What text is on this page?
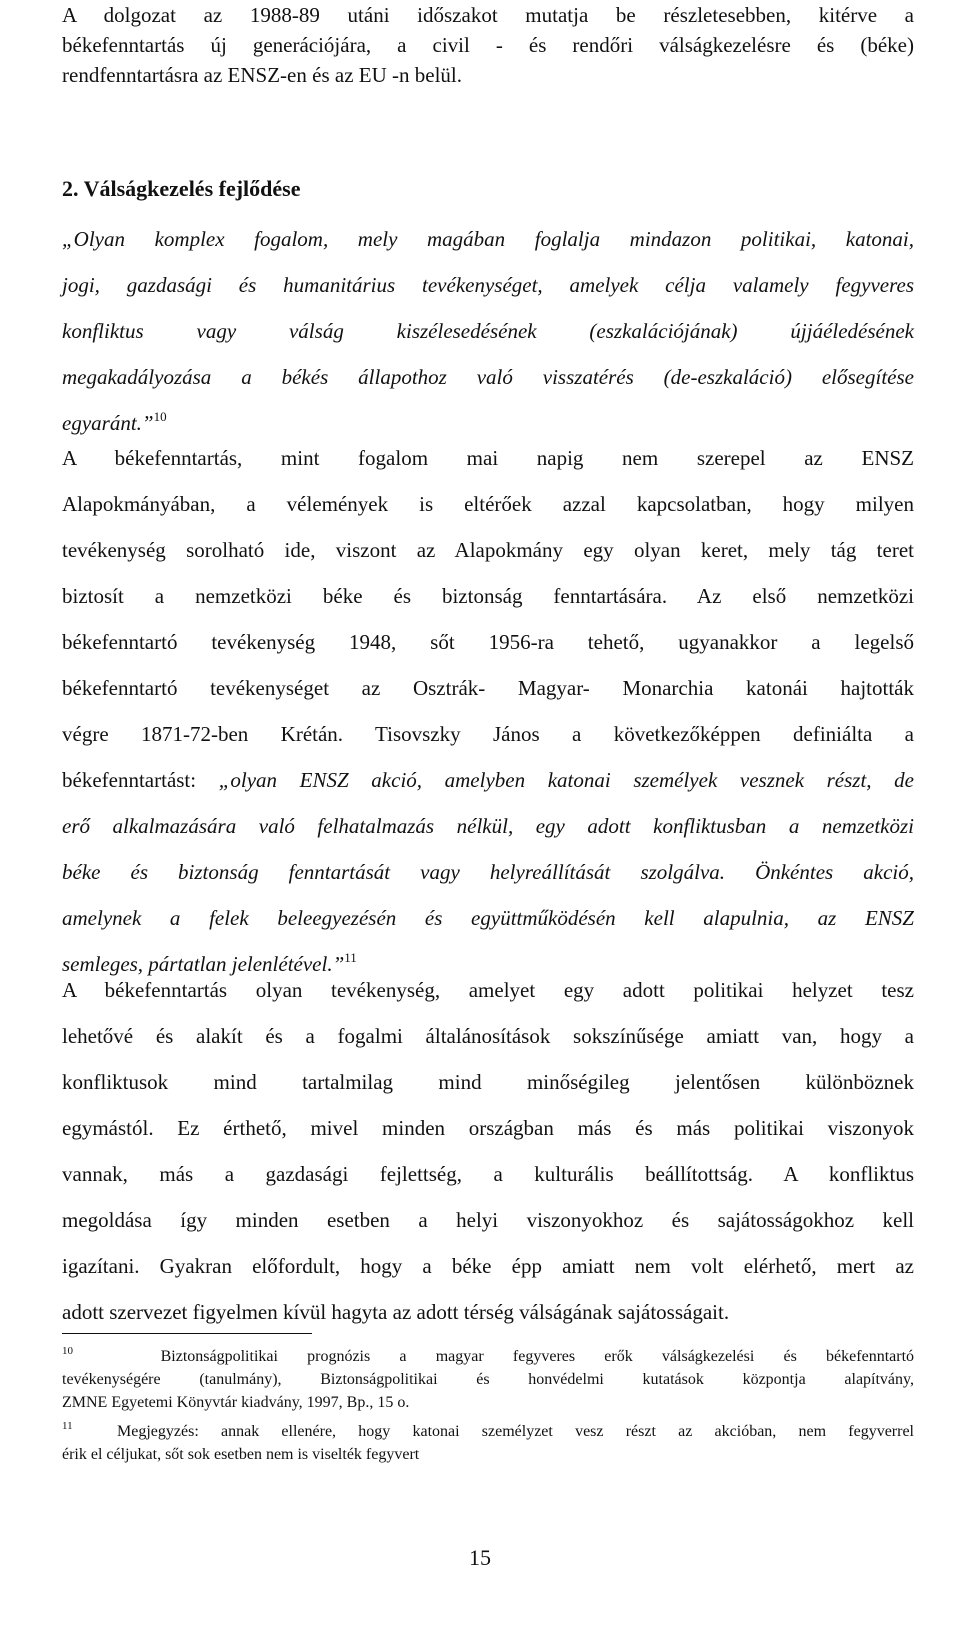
A dolgozat az 1988-89 utáni időszakot mutatja be részletesebben, kitérve a
békefenntartás új generációjára, a civil - és rendőri válságkezelésre és (béke)
rendfenntartásra az ENSZ-en és az EU -n belül.
2. Válságkezelés fejlődése
„Olyan komplex fogalom, mely magában foglalja mindazon politikai, katonai,
jogi, gazdasági és humanitárius tevékenységet, amelyek célja valamely fegyveres
konfliktus vagy válság kiszélesedésének (eszkalációjának) újjáéledésének
megakadályozása a békés állapothoz való visszatérés (de-eszkaláció) elősegítése
egyaránt.”$^{10}$
A békefenntartás, mint fogalom mai napig nem szerepel az ENSZ
Alapokmányában, a vélemények is eltérőek azzal kapcsolatban, hogy milyen
tevékenység sorolható ide, viszont az Alapokmány egy olyan keret, mely tág teret
biztosít a nemzetközi béke és biztonság fenntartására. Az első nemzetközi
békefenntartó tevékenység 1948, sőt 1956-ra tehető, ugyanakkor a legelső
békefenntartó tevékenységet az Osztrák- Magyar- Monarchia katonái hajtották
végre 1871-72-ben Krétán. Tisovszky János a következőképpen definiálta a
békefenntartást: „olyan ENSZ akció, amelyben katonai személyek vesznek részt, de
erő alkalmazására való felhatalmazás nélkül, egy adott konfliktusban a nemzetközi
béke és biztonság fenntartását vagy helyreállítását szolgálva. Önkéntes akció,
amelynek a felek beleegyezésén és együttműködésén kell alapulnia, az ENSZ
semleges, pártatlan jelenlétével.”$^{11}$
A békefenntartás olyan tevékenység, amelyet egy adott politikai helyzet tesz
lehetővé és alakít és a fogalmi általánosítások sokszínűsége amiatt van, hogy a
konfliktusok mind tartalmilag mind minőségileg jelentősen különböznek
egymástól. Ez érthető, mivel minden országban más és más politikai viszonyok
vannak, más a gazdasági fejlettség, a kulturális beállítottság. A konfliktus
megoldása így minden esetben a helyi viszonyokhoz és sajátosságokhoz kell
igazítani. Gyakran előfordult, hogy a béke épp amiatt nem volt elérhető, mert az
adott szervezet figyelmen kívül hagyta az adott térség válságának sajátosságait.
$^{10}$	Biztonságpolitikai prognózis a magyar fegyveres erők válságkezelési és békefenntartó
tevékenységére (tanulmány), Biztonságpolitikai és honvédelmi kutatások központja alapítvány,
ZMNE Egyetemi Könyvtár kiadvány, 1997, Bp., 15 o.
$^{11}$	Megjegyzés: annak ellenére, hogy katonai személyzet vesz részt az akcióban, nem fegyverrel
érik el céljukat, sőt sok esetben nem is viselték fegyvert
15
